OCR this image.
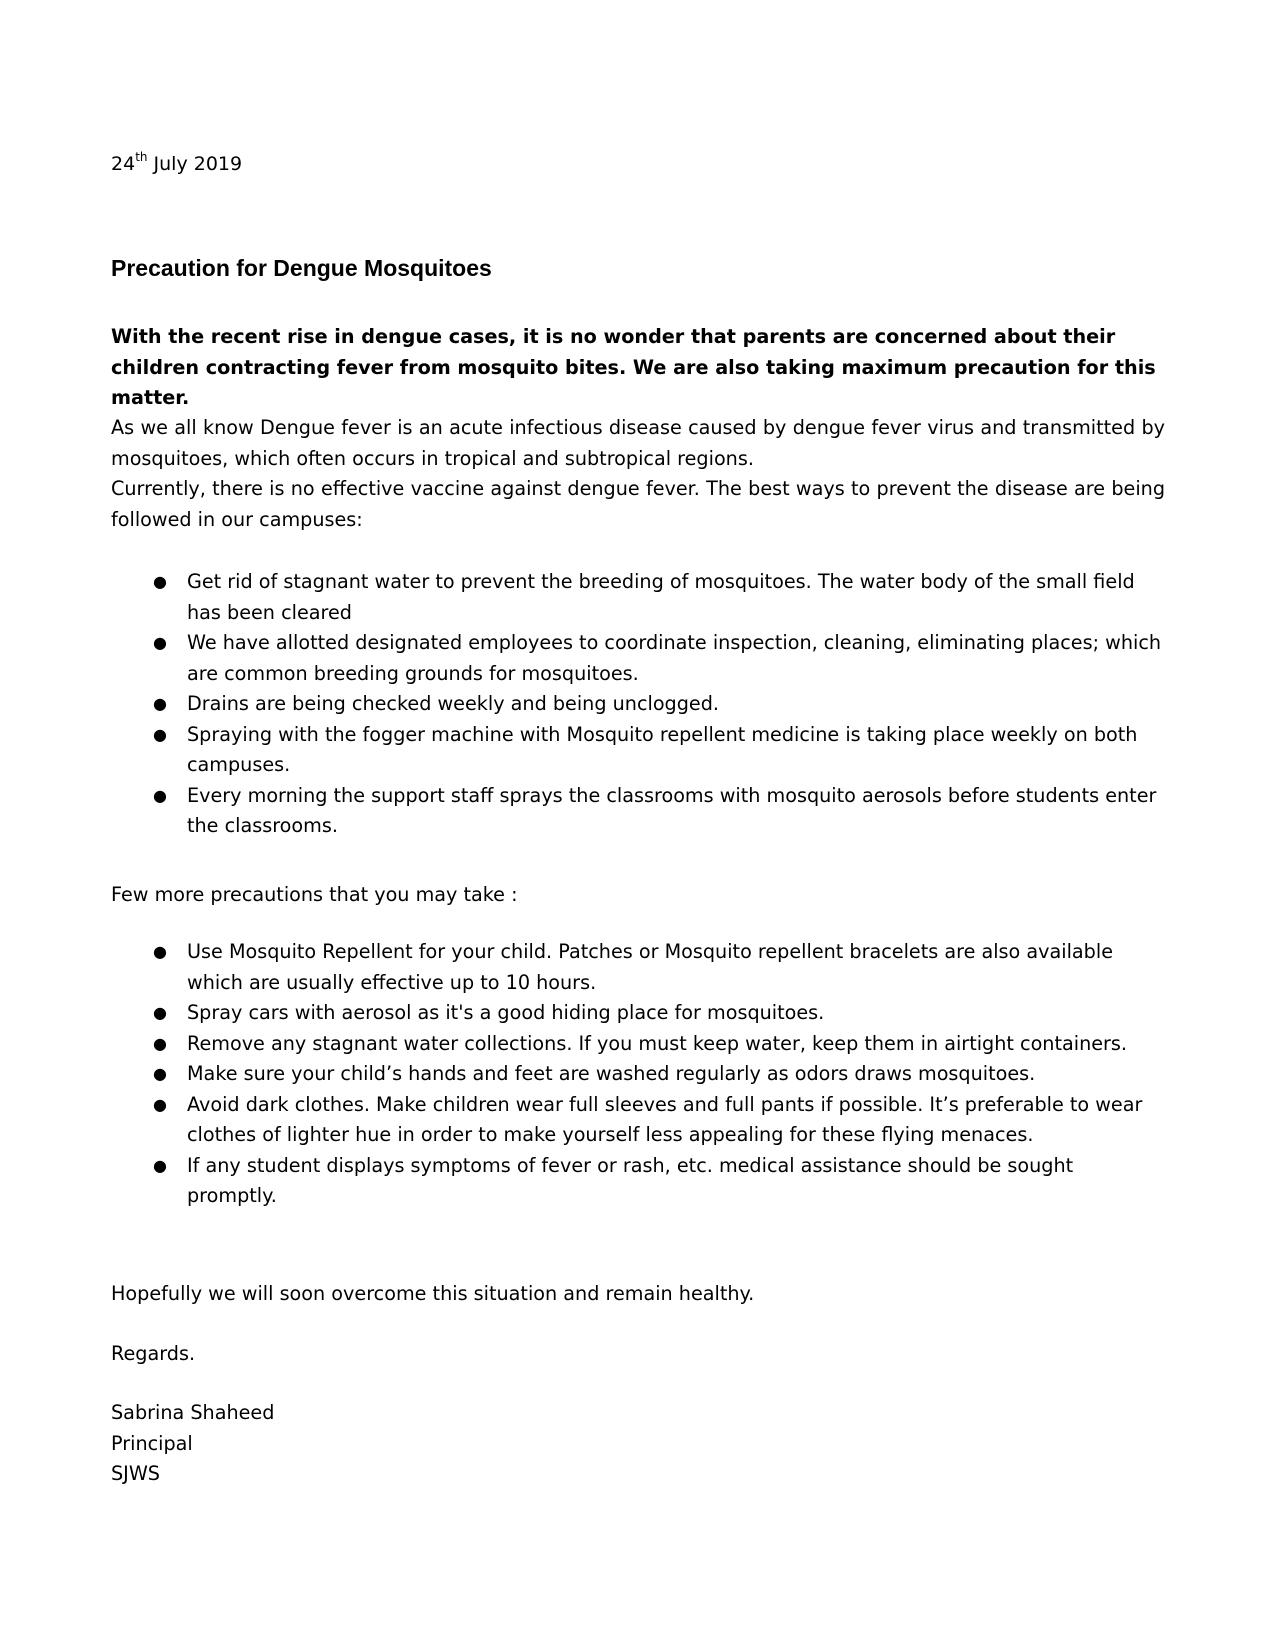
24th July 2019
Precaution for Dengue Mosquitoes

With the recent rise in dengue cases, it is no wonder that parents are concerned about their children contracting fever from mosquito bites. We are also taking maximum precaution for this matter.

As we all know Dengue fever is an acute infectious disease caused by dengue fever virus and transmitted by mosquitoes, which often occurs in tropical and subtropical regions.

Currently, there is no effective vaccine against dengue fever. The best ways to prevent the disease are being followed in our campuses:

● Get rid of stagnant water to prevent the breeding of mosquitoes. The water body of the small field has been cleared
● We have allotted designated employees to coordinate inspection, cleaning, eliminating places; which are common breeding grounds for mosquitoes.
● Drains are being checked weekly and being unclogged.
● Spraying with the fogger machine with Mosquito repellent medicine is taking place weekly on both campuses.
● Every morning the support staff sprays the classrooms with mosquito aerosols before students enter the classrooms.

Few more precautions that you may take :

● Use Mosquito Repellent for your child. Patches or Mosquito repellent bracelets are also available which are usually effective up to 10 hours.
● Spray cars with aerosol as it's a good hiding place for mosquitoes.
● Remove any stagnant water collections. If you must keep water, keep them in airtight containers.
● Make sure your child’s hands and feet are washed regularly as odors draws mosquitoes.
● Avoid dark clothes. Make children wear full sleeves and full pants if possible. It’s preferable to wear clothes of lighter hue in order to make yourself less appealing for these flying menaces.
● If any student displays symptoms of fever or rash, etc. medical assistance should be sought promptly.

Hopefully we will soon overcome this situation and remain healthy.

Regards.

Sabrina Shaheed
Principal
SJWS
